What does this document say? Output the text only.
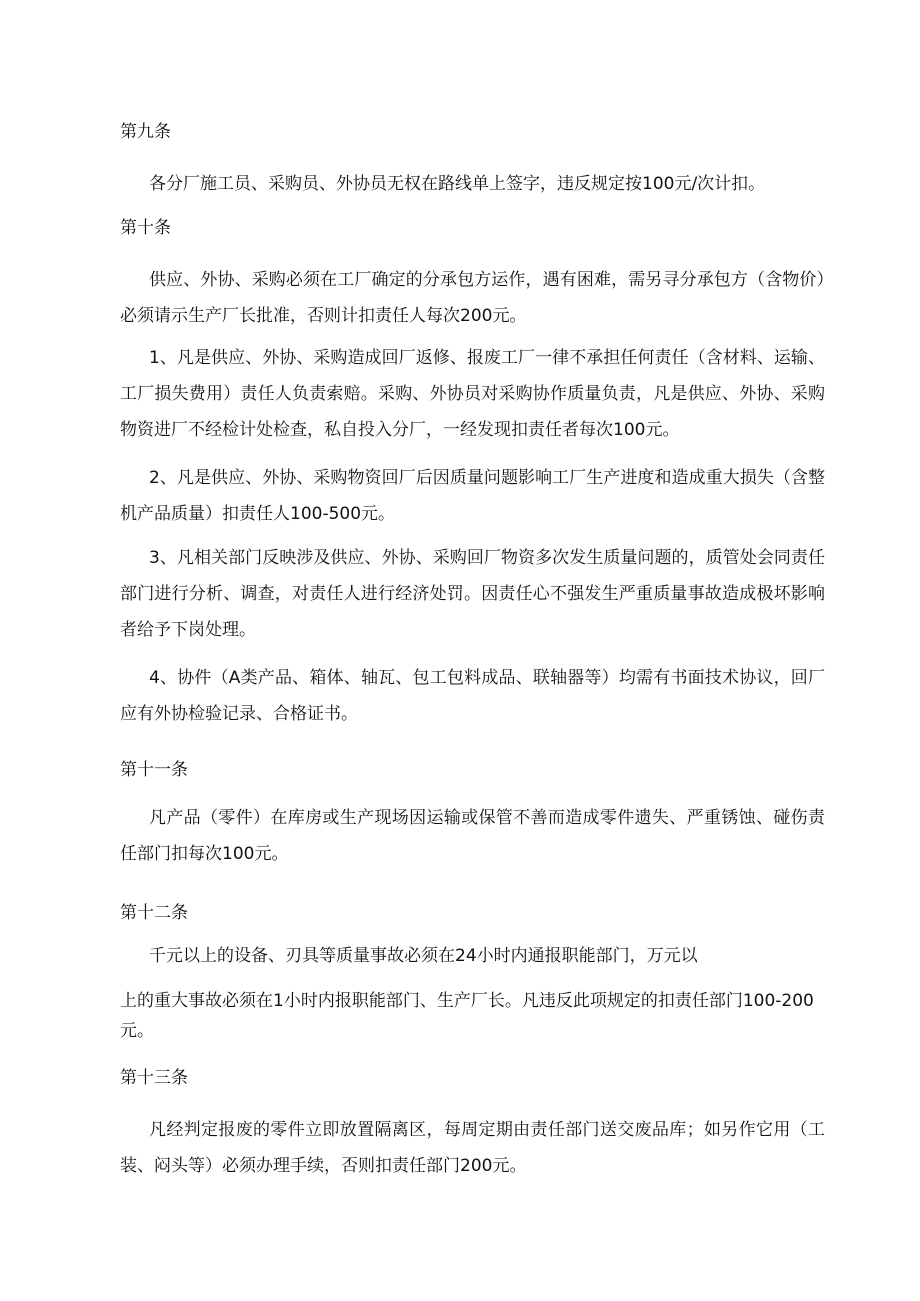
第九条
各分厂施工员、采购员、外协员无权在路线单上签字，违反规定按100元/次计扣。
第十条
供应、外协、采购必须在工厂确定的分承包方运作，遇有困难，需另寻分承包方（含物价）必须请示生产厂长批准，否则计扣责任人每次200元。
1、凡是供应、外协、采购造成回厂返修、报废工厂一律不承担任何责任（含材料、运输、工厂损失费用）责任人负责索赔。采购、外协员对采购协作质量负责，凡是供应、外协、采购物资进厂不经检计处检查，私自投入分厂，一经发现扣责任者每次100元。
2、凡是供应、外协、采购物资回厂后因质量问题影响工厂生产进度和造成重大损失（含整机产品质量）扣责任人100-500元。
3、凡相关部门反映涉及供应、外协、采购回厂物资多次发生质量问题的，质管处会同责任部门进行分析、调查，对责任人进行经济处罚。因责任心不强发生严重质量事故造成极坏影响者给予下岗处理。
4、协件（A类产品、箱体、轴瓦、包工包料成品、联轴器等）均需有书面技术协议，回厂应有外协检验记录、合格证书。
第十一条
凡产品（零件）在库房或生产现场因运输或保管不善而造成零件遗失、严重锈蚀、碰伤责任部门扣每次100元。
第十二条
千元以上的设备、刃具等质量事故必须在24小时内通报职能部门，万元以
上的重大事故必须在1小时内报职能部门、生产厂长。凡违反此项规定的扣责任部门100-200元。
第十三条
凡经判定报废的零件立即放置隔离区，每周定期由责任部门送交废品库；如另作它用（工装、闷头等）必须办理手续，否则扣责任部门200元。
